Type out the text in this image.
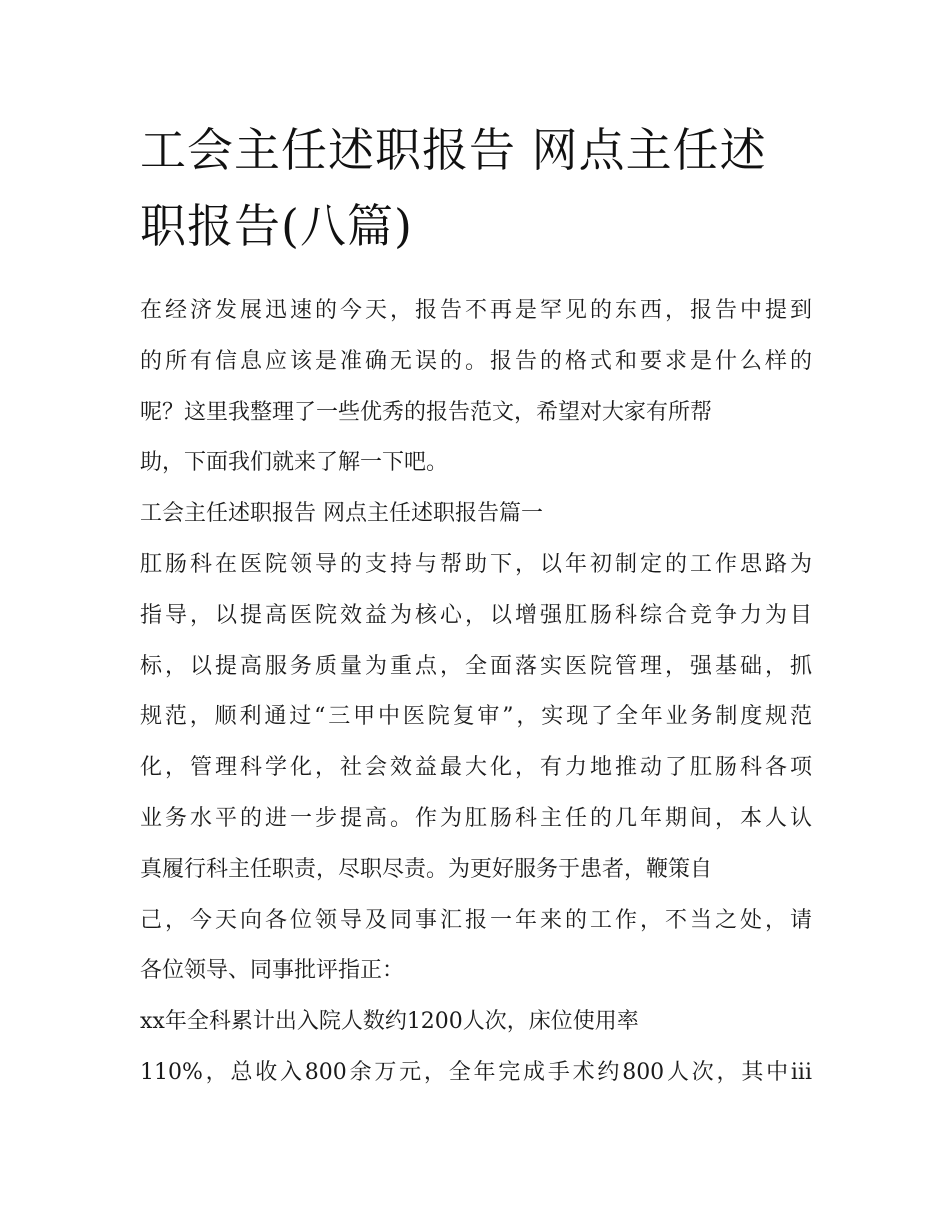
工会主任述职报告 网点主任述
职报告(八篇)
在经济发展迅速的今天，报告不再是罕见的东西，报告中提到
的所有信息应该是准确无误的。报告的格式和要求是什么样的
呢？这里我整理了一些优秀的报告范文，希望对大家有所帮
助，下面我们就来了解一下吧。
工会主任述职报告 网点主任述职报告篇一
肛肠科在医院领导的支持与帮助下，以年初制定的工作思路为
指导，以提高医院效益为核心，以增强肛肠科综合竞争力为目
标，以提高服务质量为重点，全面落实医院管理，强基础，抓
规范，顺利通过“三甲中医院复审”，实现了全年业务制度规范
化，管理科学化，社会效益最大化，有力地推动了肛肠科各项
业务水平的进一步提高。作为肛肠科主任的几年期间，本人认
真履行科主任职责，尽职尽责。为更好服务于患者，鞭策自
己，今天向各位领导及同事汇报一年来的工作，不当之处，请
各位领导、同事批评指正：
xx年全科累计出入院人数约1200人次，床位使用率
110%，总收入800余万元，全年完成手术约800人次，其中iii
